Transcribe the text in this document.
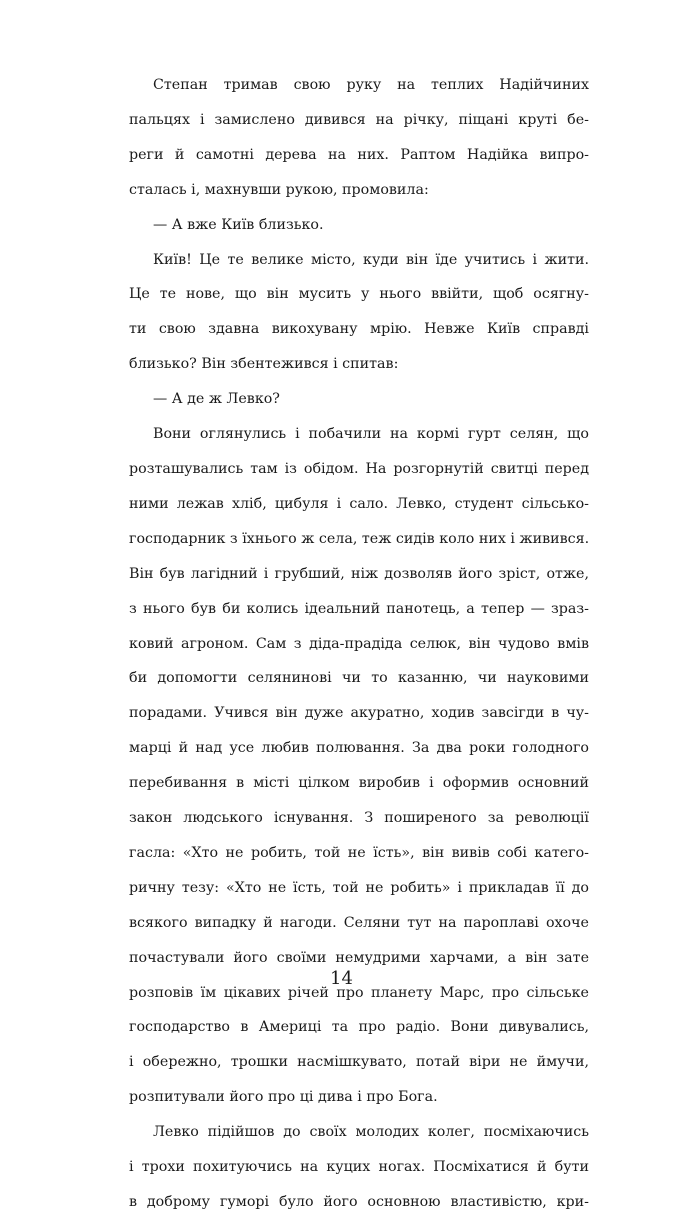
Степан тримав свою руку на теплих Надійчиних
пальцях і замислено дивився на річку, піщані круті бе-
реги й самотні дерева на них. Раптом Надійка випро-
сталась і, махнувши рукою, промовила:
— А вже Київ близько.
Київ! Це те велике місто, куди він їде учитись і жити.
Це те нове, що він мусить у нього ввійти, щоб осягну-
ти свою здавна викохувану мрію. Невже Київ справді
близько? Він збентежився і спитав:
— А де ж Левко?
Вони оглянулись і побачили на кормі гурт селян, що
розташувались там із обідом. На розгорнутій свитці перед
ними лежав хліб, цибуля і сало. Левко, студент сільсько-
господарник з їхнього ж села, теж сидів коло них і живився.
Він був лагідний і грубший, ніж дозволяв його зріст, отже,
з нього був би колись ідеальний панотець, а тепер — зраз-
ковий агроном. Сам з діда-прадіда селюк, він чудово вмів
би допомогти селянинові чи то казанню, чи науковими
порадами. Учився він дуже акуратно, ходив завсігди в чу-
марці й над усе любив полювання. За два роки голодного
перебивання в місті цілком виробив і оформив основний
закон людського існування. З поширеного за революції
гасла: «Хто не робить, той не їсть», він вивів собі катего-
ричну тезу: «Хто не їсть, той не робить» і прикладав її до
всякого випадку й нагоди. Селяни тут на пароплаві охоче
почастували його своїми немудрими харчами, а він зате
розповів їм цікавих річей про планету Марс, про сільське
господарство в Америці та про радіо. Вони дивувались,
і обережно, трошки насмішкувато, потай віри не ймучи,
розпитували його про ці дива і про Бога.
Левко підійшов до своїх молодих колег, посміхаючись
і трохи похитуючись на куцих ногах. Посміхатися й бути
в доброму гуморі було його основною властивістю, кри-
14
